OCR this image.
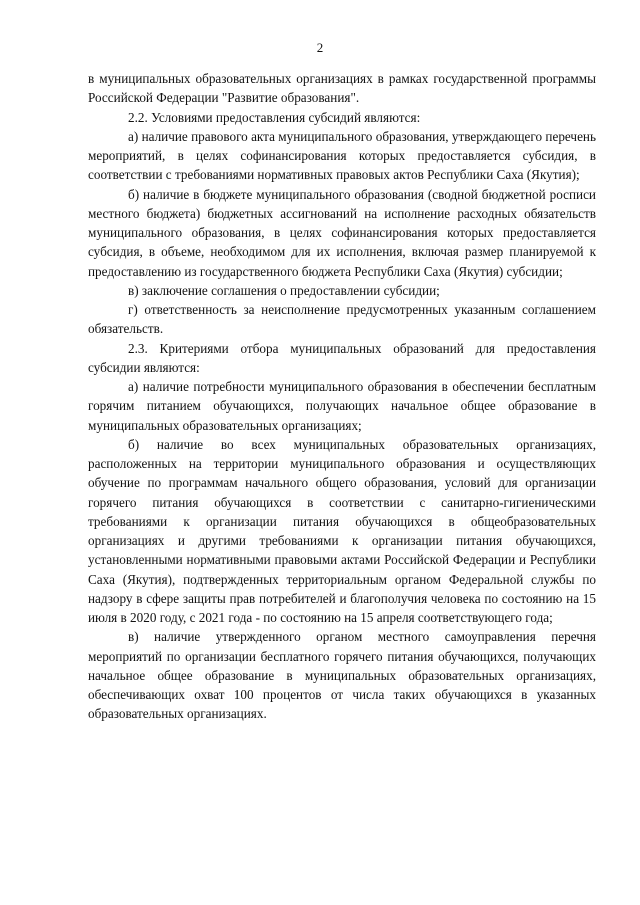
2

в муниципальных образовательных организациях в рамках государственной программы Российской Федерации "Развитие образования".

2.2. Условиями предоставления субсидий являются:

а) наличие правового акта муниципального образования, утверждающего перечень мероприятий, в целях софинансирования которых предоставляется субсидия, в соответствии с требованиями нормативных правовых актов Республики Саха (Якутия);

б) наличие в бюджете муниципального образования (сводной бюджетной росписи местного бюджета) бюджетных ассигнований на исполнение расходных обязательств муниципального образования, в целях софинансирования которых предоставляется субсидия, в объеме, необходимом для их исполнения, включая размер планируемой к предоставлению из государственного бюджета Республики Саха (Якутия) субсидии;

в) заключение соглашения о предоставлении субсидии;

г) ответственность за неисполнение предусмотренных указанным соглашением обязательств.

2.3. Критериями отбора муниципальных образований для предоставления субсидии являются:

а) наличие потребности муниципального образования в обеспечении бесплатным горячим питанием обучающихся, получающих начальное общее образование в муниципальных образовательных организациях;

б) наличие во всех муниципальных образовательных организациях, расположенных на территории муниципального образования и осуществляющих обучение по программам начального общего образования, условий для организации горячего питания обучающихся в соответствии с санитарно-гигиеническими требованиями к организации питания обучающихся в общеобразовательных организациях и другими требованиями к организации питания обучающихся, установленными нормативными правовыми актами Российской Федерации и Республики Саха (Якутия), подтвержденных территориальным органом Федеральной службы по надзору в сфере защиты прав потребителей и благополучия человека по состоянию на 15 июля в 2020 году, с 2021 года - по состоянию на 15 апреля соответствующего года;

в) наличие утвержденного органом местного самоуправления перечня мероприятий по организации бесплатного горячего питания обучающихся, получающих начальное общее образование в муниципальных образовательных организациях, обеспечивающих охват 100 процентов от числа таких обучающихся в указанных образовательных организациях.
